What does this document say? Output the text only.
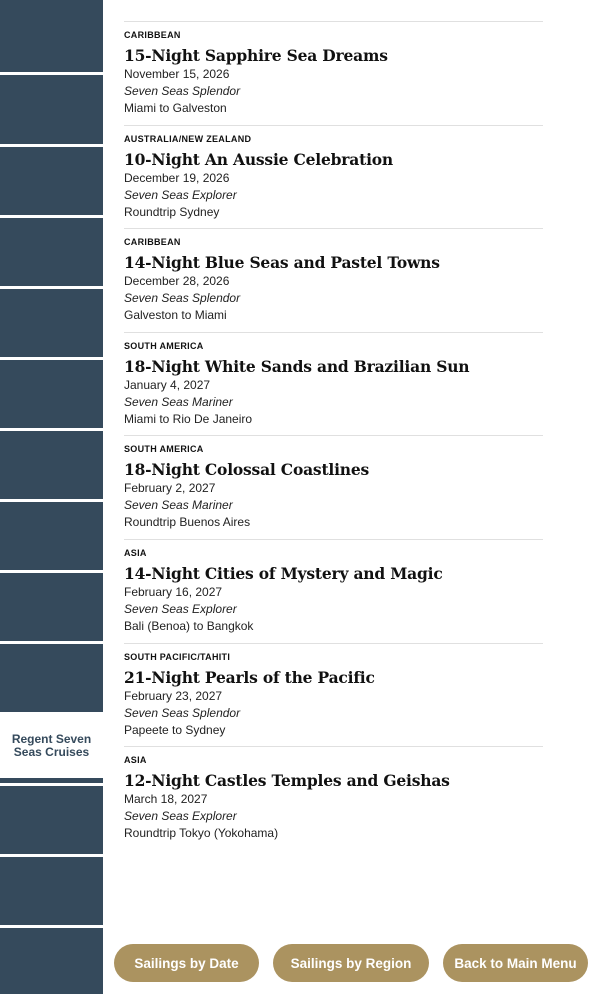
Regent Seven Seas Cruises
CARIBBEAN
15-Night Sapphire Sea Dreams
November 15, 2026
Seven Seas Splendor
Miami to Galveston
AUSTRALIA/NEW ZEALAND
10-Night An Aussie Celebration
December 19, 2026
Seven Seas Explorer
Roundtrip Sydney
CARIBBEAN
14-Night Blue Seas and Pastel Towns
December 28, 2026
Seven Seas Splendor
Galveston to Miami
SOUTH AMERICA
18-Night White Sands and Brazilian Sun
January 4, 2027
Seven Seas Mariner
Miami to Rio De Janeiro
SOUTH AMERICA
18-Night Colossal Coastlines
February 2, 2027
Seven Seas Mariner
Roundtrip Buenos Aires
ASIA
14-Night Cities of Mystery and Magic
February 16, 2027
Seven Seas Explorer
Bali (Benoa) to Bangkok
SOUTH PACIFIC/TAHITI
21-Night Pearls of the Pacific
February 23, 2027
Seven Seas Splendor
Papeete to Sydney
ASIA
12-Night Castles Temples and Geishas
March 18, 2027
Seven Seas Explorer
Roundtrip Tokyo (Yokohama)
Sailings by Date	Sailings by Region	Back to Main Menu
